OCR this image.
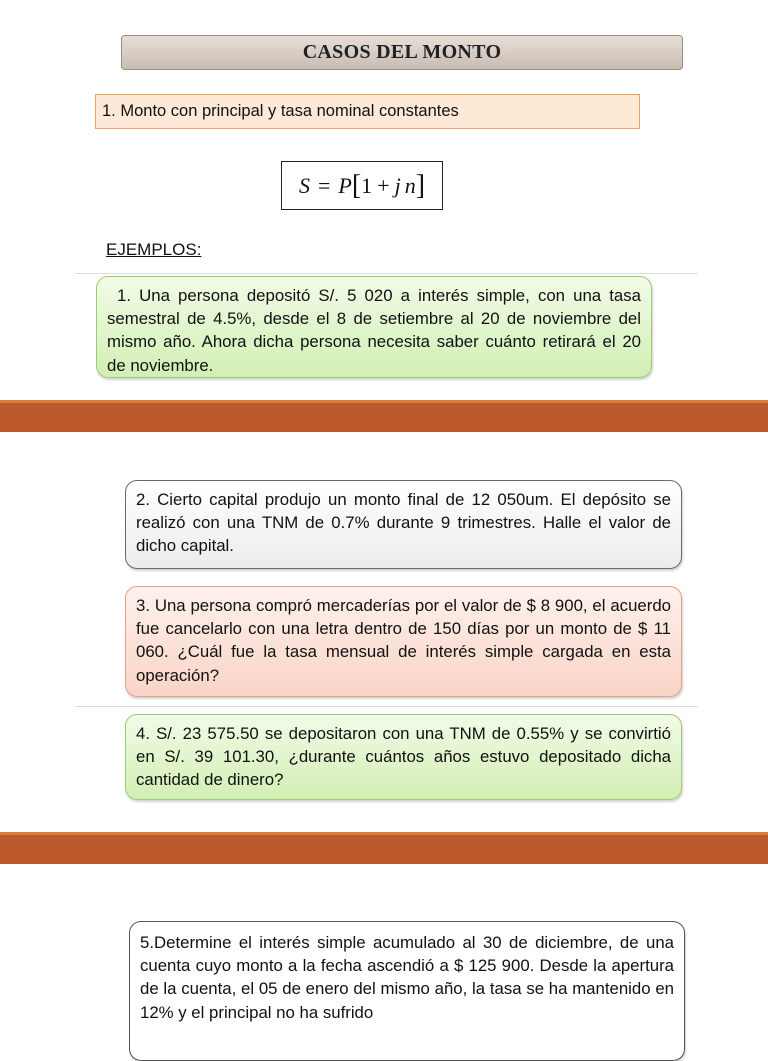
CASOS DEL MONTO
1. Monto con principal y tasa nominal constantes
S = P [ 1 + j n ]
EJEMPLOS:
1. Una persona depositó S/. 5 020 a interés simple, con una tasa semestral de 4.5%, desde el 8 de setiembre al 20 de noviembre del mismo año. Ahora dicha persona necesita saber cuánto retirará el 20 de noviembre.
2. Cierto capital produjo un monto final de 12 050um. El depósito se realizó con una TNM de 0.7% durante 9 trimestres. Halle el valor de dicho capital.
3. Una persona compró mercaderías por el valor de $ 8 900, el acuerdo fue cancelarlo con una letra dentro de 150 días por un monto de $ 11 060. ¿Cuál fue la tasa mensual de interés simple cargada en esta operación?
4. S/. 23 575.50 se depositaron con una TNM de 0.55% y se convirtió en S/. 39 101.30, ¿durante cuántos años estuvo depositado dicha cantidad de dinero?
5.Determine el interés simple acumulado al 30 de diciembre, de una cuenta cuyo monto a la fecha ascendió a $ 125 900. Desde la apertura de la cuenta, el 05 de enero del mismo año, la tasa se ha mantenido en 12% y el principal no ha sufrido
